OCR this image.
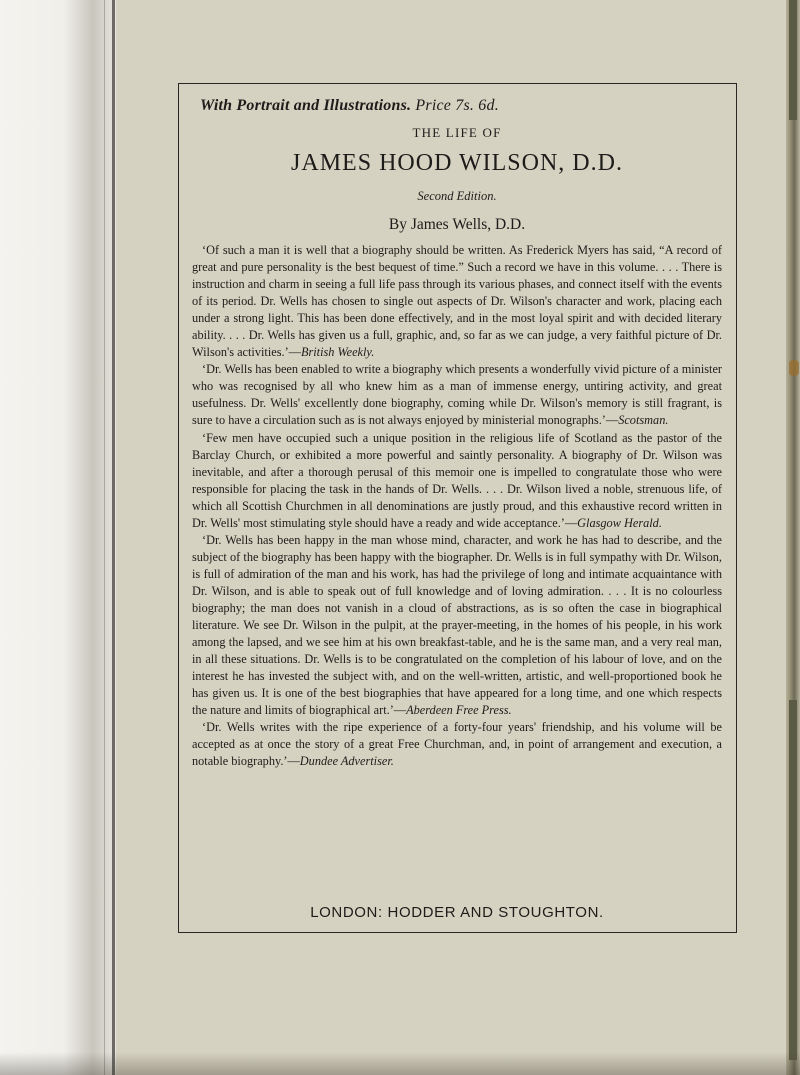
With Portrait and Illustrations. Price 7s. 6d.

THE LIFE OF
JAMES HOOD WILSON, D.D.
Second Edition.
By James Wells, D.D.

‘Of such a man it is well that a biography should be written. As Frederick Myers has said, “A record of great and pure personality is the best bequest of time.” Such a record we have in this volume. . . . There is instruction and charm in seeing a full life pass through its various phases, and connect itself with the events of its period. Dr. Wells has chosen to single out aspects of Dr. Wilson's character and work, placing each under a strong light. This has been done effectively, and in the most loyal spirit and with decided literary ability. . . . Dr. Wells has given us a full, graphic, and, so far as we can judge, a very faithful picture of Dr. Wilson's activities.’—British Weekly.

‘Dr. Wells has been enabled to write a biography which presents a wonderfully vivid picture of a minister who was recognised by all who knew him as a man of immense energy, untiring activity, and great usefulness. Dr. Wells' excellently done biography, coming while Dr. Wilson's memory is still fragrant, is sure to have a circulation such as is not always enjoyed by ministerial monographs.’—Scotsman.

‘Few men have occupied such a unique position in the religious life of Scotland as the pastor of the Barclay Church, or exhibited a more powerful and saintly personality. A biography of Dr. Wilson was inevitable, and after a thorough perusal of this memoir one is impelled to congratulate those who were responsible for placing the task in the hands of Dr. Wells. . . . Dr. Wilson lived a noble, strenuous life, of which all Scottish Churchmen in all denominations are justly proud, and this exhaustive record written in Dr. Wells' most stimulating style should have a ready and wide acceptance.’—Glasgow Herald.

‘Dr. Wells has been happy in the man whose mind, character, and work he has had to describe, and the subject of the biography has been happy with the biographer. Dr. Wells is in full sympathy with Dr. Wilson, is full of admiration of the man and his work, has had the privilege of long and intimate acquaintance with Dr. Wilson, and is able to speak out of full knowledge and of loving admiration. . . . It is no colourless biography; the man does not vanish in a cloud of abstractions, as is so often the case in biographical literature. We see Dr. Wilson in the pulpit, at the prayer-meeting, in the homes of his people, in his work among the lapsed, and we see him at his own breakfast-table, and he is the same man, and a very real man, in all these situations. Dr. Wells is to be congratulated on the completion of his labour of love, and on the interest he has invested the subject with, and on the well-written, artistic, and well-proportioned book he has given us. It is one of the best biographies that have appeared for a long time, and one which respects the nature and limits of biographical art.’—Aberdeen Free Press.

‘Dr. Wells writes with the ripe experience of a forty-four years' friendship, and his volume will be accepted as at once the story of a great Free Churchman, and, in point of arrangement and execution, a notable biography.’—Dundee Advertiser.

LONDON: HODDER AND STOUGHTON.
